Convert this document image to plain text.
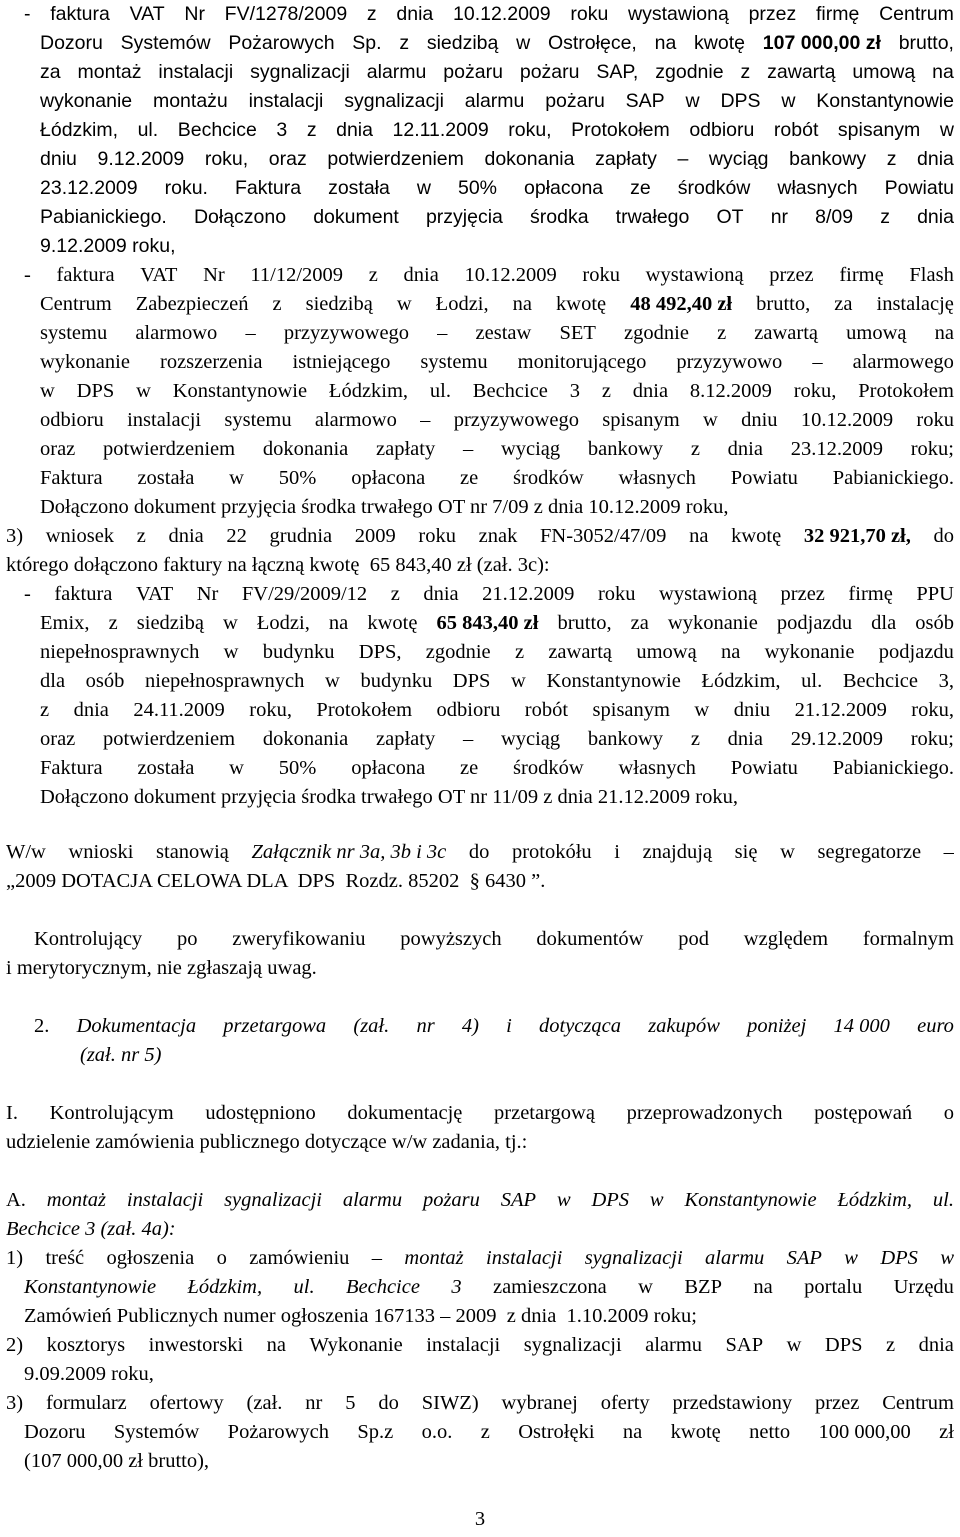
- faktura VAT Nr FV/1278/2009 z dnia 10.12.2009 roku wystawioną przez firmę Centrum
Dozoru Systemów Pożarowych Sp. z siedzibą w Ostrołęce, na kwotę 107 000,00 zł brutto,
za montaż instalacji sygnalizacji alarmu pożaru pożaru SAP, zgodnie z zawartą umową na
wykonanie montażu instalacji sygnalizacji alarmu pożaru SAP w DPS w Konstantynowie
Łódzkim, ul. Bechcice 3 z dnia 12.11.2009 roku, Protokołem odbioru robót spisanym w
dniu 9.12.2009 roku, oraz potwierdzeniem dokonania zapłaty – wyciąg bankowy z dnia
23.12.2009 roku. Faktura została w 50% opłacona ze środków własnych Powiatu
Pabianickiego. Dołączono dokument przyjęcia środka trwałego OT nr 8/09 z dnia
9.12.2009 roku,
- faktura VAT Nr 11/12/2009 z dnia 10.12.2009 roku wystawioną przez firmę Flash
Centrum Zabezpieczeń z siedzibą w Łodzi, na kwotę 48 492,40 zł brutto, za instalację
systemu alarmowo – przyzywowego – zestaw SET zgodnie z zawartą umową na
wykonanie rozszerzenia istniejącego systemu monitorującego przyzywowo – alarmowego
w DPS w Konstantynowie Łódzkim, ul. Bechcice 3 z dnia 8.12.2009 roku, Protokołem
odbioru instalacji systemu alarmowo – przyzywowego spisanym w dniu 10.12.2009 roku
oraz potwierdzeniem dokonania zapłaty – wyciąg bankowy z dnia 23.12.2009 roku;
Faktura została w 50% opłacona ze środków własnych Powiatu Pabianickiego.
Dołączono dokument przyjęcia środka trwałego OT nr 7/09 z dnia 10.12.2009 roku,
3) wniosek z dnia 22 grudnia 2009 roku znak FN-3052/47/09 na kwotę 32 921,70 zł, do
którego dołączono faktury na łączną kwotę  65 843,40 zł (zał. 3c):
- faktura VAT Nr FV/29/2009/12 z dnia 21.12.2009 roku wystawioną przez firmę PPU
Emix, z siedzibą w Łodzi, na kwotę 65 843,40 zł brutto, za wykonanie podjazdu dla osób
niepełnosprawnych w budynku DPS, zgodnie z zawartą umową na wykonanie podjazdu
dla osób niepełnosprawnych w budynku DPS w Konstantynowie Łódzkim, ul. Bechcice 3,
z dnia 24.11.2009 roku, Protokołem odbioru robót spisanym w dniu 21.12.2009 roku,
oraz potwierdzeniem dokonania zapłaty – wyciąg bankowy z dnia 29.12.2009 roku;
Faktura została w 50% opłacona ze środków własnych Powiatu Pabianickiego.
Dołączono dokument przyjęcia środka trwałego OT nr 11/09 z dnia 21.12.2009 roku,
W/w wnioski stanowią Załącznik nr 3a, 3b i 3c do protokółu i znajdują się w segregatorze –
„2009 DOTACJA CELOWA DLA  DPS  Rozdz. 85202  § 6430 ”.
Kontrolujący po zweryfikowaniu powyższych dokumentów pod względem formalnym
i merytorycznym, nie zgłaszają uwag.
2. Dokumentacja przetargowa (zał. nr 4) i dotycząca zakupów poniżej 14 000 euro
(zał. nr 5)
I. Kontrolującym udostępniono dokumentację przetargową przeprowadzonych postępowań o
udzielenie zamówienia publicznego dotyczące w/w zadania, tj.:
A. montaż instalacji sygnalizacji alarmu pożaru SAP w DPS w Konstantynowie Łódzkim, ul.
Bechcice 3 (zał. 4a):
1) treść ogłoszenia o zamówieniu – montaż instalacji sygnalizacji alarmu SAP w DPS w
Konstantynowie Łódzkim, ul. Bechcice 3 zamieszczona w BZP na portalu Urzędu
Zamówień Publicznych numer ogłoszenia 167133 – 2009  z dnia  1.10.2009 roku;
2) kosztorys inwestorski na Wykonanie instalacji sygnalizacji alarmu SAP w DPS z dnia
9.09.2009 roku,
3) formularz ofertowy (zał. nr 5 do SIWZ) wybranej oferty przedstawiony przez Centrum
Dozoru Systemów Pożarowych Sp.z o.o. z Ostrołęki na kwotę netto 100 000,00 zł
(107 000,00 zł brutto),
3
